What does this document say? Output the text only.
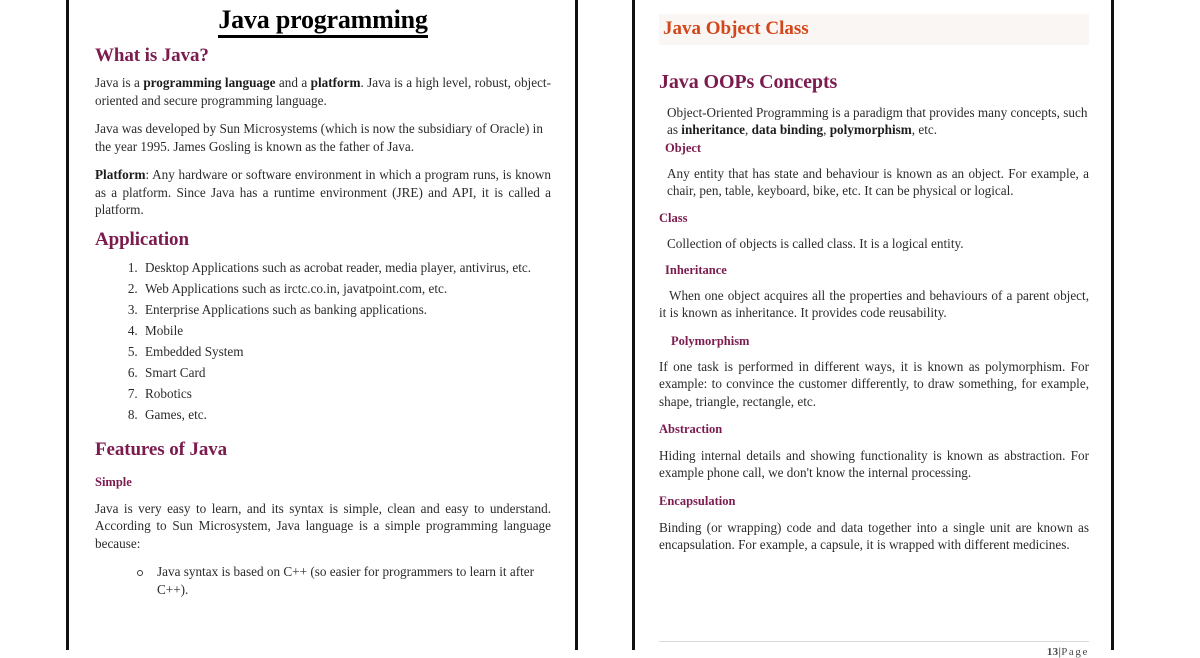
Java programming
What is Java?

Java is a programming language and a platform. Java is a high level, robust, object-oriented and secure programming language.

Java was developed by Sun Microsystems (which is now the subsidiary of Oracle) in the year 1995. James Gosling is known as the father of Java.

Platform: Any hardware or software environment in which a program runs, is known as a platform. Since Java has a runtime environment (JRE) and API, it is called a platform.

Application
1. Desktop Applications such as acrobat reader, media player, antivirus, etc.
2. Web Applications such as irctc.co.in, javatpoint.com, etc.
3. Enterprise Applications such as banking applications.
4. Mobile
5. Embedded System
6. Smart Card
7. Robotics
8. Games, etc.
Features of Java
Simple

Java is very easy to learn, and its syntax is simple, clean and easy to understand. According to Sun Microsystem, Java language is a simple programming language because:

Java syntax is based on C++ (so easier for programmers to learn it after C++).
Java Object Class
Java OOPs Concepts

Object-Oriented Programming is a paradigm that provides many concepts, such as inheritance, data binding, polymorphism, etc.

Object

Any entity that has state and behaviour is known as an object. For example, a chair, pen, table, keyboard, bike, etc. It can be physical or logical.

Class

Collection of objects is called class. It is a logical entity.

Inheritance

When one object acquires all the properties and behaviours of a parent object, it is known as inheritance. It provides code reusability.

Polymorphism

If one task is performed in different ways, it is known as polymorphism. For example: to convince the customer differently, to draw something, for example, shape, triangle, rectangle, etc.

Abstraction

Hiding internal details and showing functionality is known as abstraction. For example phone call, we don't know the internal processing.

Encapsulation

Binding (or wrapping) code and data together into a single unit are known as encapsulation. For example, a capsule, it is wrapped with different medicines.

13|Page
